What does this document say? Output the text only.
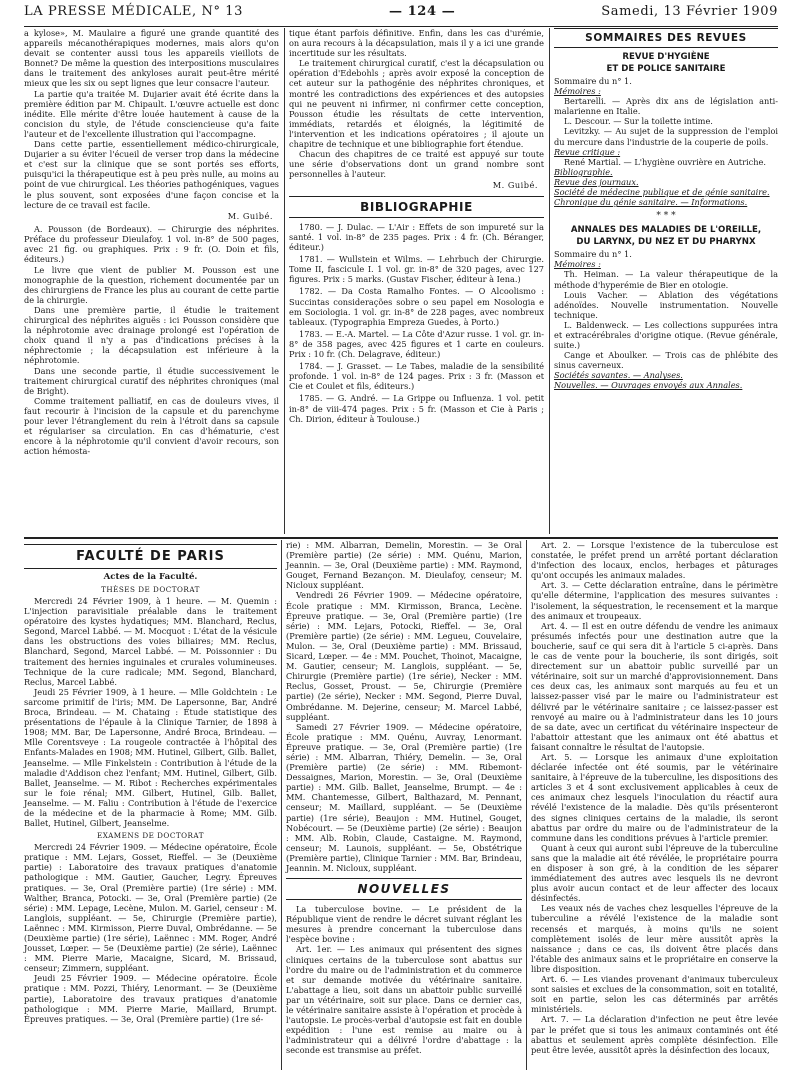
LA PRESSE MÉDICALE, N° 13	— 124 —	Samedi, 13 Février 1909

a kylose», M. Maulaire a figuré une grande quantité des appareils mécanothérapiques modernes, mais alors qu'on devait se contenter aussi tous les appareils vieillots de Bonnet? De même la question des interpositions musculaires dans le traitement des ankyloses aurait peut-être mérité mieux que les six ou sept lignes que leur consacre l'auteur.

La partie qu'a traitée M. Dujarier avait été écrite dans la première édition par M. Chipault. L'œuvre actuelle est donc inédite. Elle mérite d'être louée hautement à cause de la concision du style, de l'étude consciencieuse qu'a faite l'auteur et de l'excellente illustration qui l'accompagne.

Dans cette partie, essentiellement médico-chirurgicale, Dujarier a su éviter l'écueil de verser trop dans la médecine et c'est sur la clinique que se sont portés ses efforts, puisqu'ici la thérapeutique est à peu près nulle, au moins au point de vue chirurgical. Les théories pathogéniques, vagues le plus souvent, sont exposées d'une façon concise et la lecture de ce travail est facile.

M. Guibé.

A. Pousson (de Bordeaux). — Chirurgie des néphrites. Préface du professeur Dieulafoy. 1 vol. in-8° de 500 pages, avec 21 fig. ou graphiques. Prix : 9 fr. (O. Doin et fils, éditeurs.)

Le livre que vient de publier M. Pousson est une monographie de la question, richement documentée par un des chirurgiens de France les plus au courant de cette partie de la chirurgie.

Dans une première partie, il étudie le traitement chirurgical des néphrites aiguës : ici Pousson considère que la néphrotomie avec drainage prolongé est l'opération de choix quand il n'y a pas d'indications précises à la néphrectomie ; la décapsulation est inférieure à la néphrotomie.

Dans une seconde partie, il étudie successivement le traitement chirurgical curatif des néphrites chroniques (mal de Bright).

Comme traitement palliatif, en cas de douleurs vives, il faut recourir à l'incision de la capsule et du parenchyme pour lever l'étranglement du rein à l'étroit dans sa capsule et régulariser sa circulation. En cas d'hématurie, c'est encore à la néphrotomie qu'il convient d'avoir recours, son action hémosta-

tique étant parfois définitive. Enfin, dans les cas d'urémie, on aura recours à la décapsulation, mais il y a ici une grande incertitude sur les résultats.

Le traitement chirurgical curatif, c'est la décapsulation ou opération d'Edebohls ; après avoir exposé la conception de cet auteur sur la pathogénie des néphrites chroniques, et montré les contradictions des expériences et des autopsies qui ne peuvent ni infirmer, ni confirmer cette conception, Pousson étudie les résultats de cette intervention, immédiats, retardés et éloignés, la légitimité de l'intervention et les indications opératoires ; il ajoute un chapitre de technique et une bibliographie fort étendue.

Chacun des chapitres de ce traité est appuyé sur toute une série d'observations dont un grand nombre sont personnelles à l'auteur.

M. Guibé.
BIBLIOGRAPHIE

1780. — J. Dulac. — L'Air : Effets de son impureté sur la santé. 1 vol. in-8° de 235 pages. Prix : 4 fr. (Ch. Béranger, éditeur.)

1781. — Wullstein et Wilms. — Lehrbuch der Chirurgie. Tome II, fascicule I. 1 vol. gr. in-8° de 320 pages, avec 127 figures. Prix : 5 marks. (Gustav Fischer, éditeur à Iena.)

1782. — Da Costa Ramalho Fontes. — O Alcoolismo : Succintas considerações sobre o seu papel em Nosologia e em Sociologia. 1 vol. gr. in-8° de 228 pages, avec nombreux tableaux. (Typographia Empreza Guedes, à Porto.)

1783. — E.-A. Martel. — La Côte d'Azur russe. 1 vol. gr. in-8° de 358 pages, avec 425 figures et 1 carte en couleurs. Prix : 10 fr. (Ch. Delagrave, éditeur.)

1784. — J. Grasset. — Le Tabes, maladie de la sensibilité profonde. 1 vol. in-8° de 124 pages. Prix : 3 fr. (Masson et Cie et Coulet et fils, éditeurs.)

1785. — G. André. — La Grippe ou Influenza. 1 vol. petit in-8° de viii-474 pages. Prix : 5 fr. (Masson et Cie à Paris ; Ch. Dirion, éditeur à Toulouse.)

SOMMAIRES DES REVUES
REVUE D'HYGIÈNE
ET DE POLICE SANITAIRE

Sommaire du n° 1.

Mémoires :

Bertarelli. — Après dix ans de législation anti-malarienne en Italie.

L. Descour. — Sur la toilette intime.

Levitzky. — Au sujet de la suppression de l'emploi du mercure dans l'industrie de la couperie de poils.

Revue critique :

René Martial. — L'hygiène ouvrière en Autriche.

Bibliographie.

Revue des journaux.

Société de médecine publique et de génie sanitaire.

Chronique du génie sanitaire. — Informations.

* * *
ANNALES DES MALADIES DE L'OREILLE,
DU LARYNX, DU NEZ ET DU PHARYNX

Sommaire du n° 1.

Mémoires :

Th. Heiman. — La valeur thérapeutique de la méthode d'hyperémie de Bier en otologie.

Louis Vacher. — Ablation des végétations adénoïdes. Nouvelle instrumentation. Nouvelle technique.

L. Baldenweck. — Les collections suppurées intra et extracérébrales d'origine otique. (Revue générale, suite.)

Cange et Aboulker. — Trois cas de phlébite des sinus caverneux.

Sociétés savantes. — Analyses.

Nouvelles. — Ouvrages envoyés aux Annales.

FACULTÉ DE PARIS
Actes de la Faculté.
THÈSES DE DOCTORAT

Mercredi 24 Février 1909, à 1 heure. — M. Quemin : L'injection paravisitiale préalable dans le traitement opératoire des kystes hydatiques; MM. Blanchard, Reclus, Segond, Marcel Labbé. — M. Mocquot : L'état de la vésicule dans les obstructions des voies biliaires; MM. Reclus, Blanchard, Segond, Marcel Labbé. — M. Poissonnier : Du traitement des hernies inguinales et crurales volumineuses. Technique de la cure radicale; MM. Segond, Blanchard, Reclus, Marcel Labbé.

Jeudi 25 Février 1909, à 1 heure. — Mlle Goldchtein : Le sarcome primitif de l'iris; MM. De Lapersonne, Bar, André Broca, Brindeau. — M. Chataing : Étude statistique des présentations de l'épaule à la Clinique Tarnier, de 1898 à 1908; MM. Bar, De Lapersonne, André Broca, Brindeau. — Mlle Corentsveye : La rougeole contractée à l'hôpital des Enfants-Malades en 1908; MM. Hutinel, Gilbert, Gilb. Ballet, Jeanselme. — Mlle Finkelstein : Contribution à l'étude de la maladie d'Addison chez l'enfant; MM. Hutinel, Gilbert, Gilb. Ballet, Jeanselme. — M. Ribot : Recherches expérimentales sur le foie rénal; MM. Gilbert, Hutinel, Gilb. Ballet, Jeanselme. — M. Faliu : Contribution à l'étude de l'exercice de la médecine et de la pharmacie à Rome; MM. Gilb. Ballet, Hutinel, Gilbert, Jeanselme.

EXAMENS DE DOCTORAT

Mercredi 24 Février 1909. — Médecine opératoire, École pratique : MM. Lejars, Gosset, Rieffel. — 3e (Deuxième partie) : Laboratoire des travaux pratiques d'anatomie pathologique : MM. Gautier, Gaucher, Legry. Épreuves pratiques. — 3e, Oral (Première partie) (1re série) : MM. Walther, Branca, Potocki. — 3e, Oral (Première partie) (2e série) : MM. Lepage, Lecène, Mulon. M. Gariel, censeur : M. Langlois, suppléant. — 5e, Chirurgie (Première partie), Laënnec : MM. Kirmisson, Pierre Duval, Ombrédanne. — 5e (Deuxième partie) (1re série), Laënnec : MM. Roger, André Jousset, Lœper. — 5e (Deuxième partie) (2e série), Laënnec : MM. Pierre Marie, Macaigne, Sicard, M. Brissaud, censeur; Zimmern, suppléant.

Jeudi 25 Février 1909. — Médecine opératoire. École pratique : MM. Pozzi, Thiéry, Lenormant. — 3e (Deuxième partie), Laboratoire des travaux pratiques d'anatomie pathologique : MM. Pierre Marie, Maillard, Brumpt. Épreuves pratiques. — 3e, Oral (Première partie) (1re sé-

rie) : MM. Albarran, Demelin, Morestin. — 3e Oral (Première partie) (2e série) : MM. Quénu, Marion, Jeannin. — 3e, Oral (Deuxième partie) : MM. Raymond, Gouget, Fernand Bezançon. M. Dieulafoy, censeur; M. Nicloux suppléant.

Vendredi 26 Février 1909. — Médecine opératoire, École pratique : MM. Kirmisson, Branca, Lecène. Épreuve pratique. — 3e, Oral (Première partie) (1re série) : MM. Lejars, Potocki, Rieffel. — 3e, Oral (Première partie) (2e série) : MM. Legueu, Couvelaire, Mulon. — 3e, Oral (Deuxième partie) : MM. Brissaud, Sicard, Lœper. — 4e : MM. Pouchet, Thoinot, Macaigne, M. Gautier, censeur; M. Langlois, suppléant. — 5e, Chirurgie (Première partie) (1re série), Necker : MM. Reclus, Gosset, Proust. — 5e, Chirurgie (Première partie) (2e série), Necker : MM. Segond, Pierre Duval, Ombrédanne. M. Dejerine, censeur; M. Marcel Labbé, suppléant.

Samedi 27 Février 1909. — Médecine opératoire, École pratique : MM. Quénu, Auvray, Lenormant. Épreuve pratique. — 3e, Oral (Première partie) (1re série) : MM. Albarran, Thiéry, Demelin. — 3e, Oral (Première partie) (2e série) : MM. Ribemont-Dessaignes, Marion, Morestin. — 3e, Oral (Deuxième partie) : MM. Gilb. Ballet, Jeanselme, Brumpt. — 4e : MM. Chantemesse, Gilbert, Balthazard, M. Pennant, censeur; M. Maillard, suppléant. — 5e (Deuxième partie) (1re série), Beaujon : MM. Hutinel, Gouget, Nobécourt. — 5e (Deuxième partie) (2e série) : Beaujon : MM. Alb. Robin, Claude, Castaigne. M. Raymond, censeur; M. Launois, suppléant. — 5e, Obstétrique (Première partie), Clinique Tarnier : MM. Bar, Brindeau, Jeannin. M. Nicloux, suppléant.

NOUVELLES

La tuberculose bovine. — Le président de la République vient de rendre le décret suivant réglant les mesures à prendre concernant la tuberculose dans l'espèce bovine :

Art. 1er. — Les animaux qui présentent des signes cliniques certains de la tuberculose sont abattus sur l'ordre du maire ou de l'administration et du commerce et sur demande motivée du vétérinaire sanitaire. L'abattage a lieu, soit dans un abattoir public surveillé par un vétérinaire, soit sur place. Dans ce dernier cas, le vétérinaire sanitaire assiste à l'opération et procède à l'autopsie. Le procès-verbal d'autopsie est fait en double expédition : l'une est remise au maire ou à l'administrateur qui a délivré l'ordre d'abattage : la seconde est transmise au préfet.

Art. 2. — Lorsque l'existence de la tuberculose est constatée, le préfet prend un arrêté portant déclaration d'infection des locaux, enclos, herbages et pâturages qu'ont occupés les animaux malades.

Art. 3. — Cette déclaration entraîne, dans le périmètre qu'elle détermine, l'application des mesures suivantes : l'isolement, la séquestration, le recensement et la marque des animaux et troupeaux.

Art. 4. — Il est en outre défendu de vendre les animaux présumés infectés pour une destination autre que la boucherie, sauf ce qui sera dit à l'article 5 ci-après. Dans le cas de vente pour la boucherie, ils sont dirigés, soit directement sur un abattoir public surveillé par un vétérinaire, soit sur un marché d'approvisionnement. Dans ces deux cas, les animaux sont marqués au feu et un laissez-passer visé par le maire ou l'administrateur est délivré par le vétérinaire sanitaire ; ce laissez-passer est renvoyé au maire ou à l'administrateur dans les 10 jours de sa date, avec un certificat du vétérinaire inspecteur de l'abattoir attestant que les animaux ont été abattus et faisant connaître le résultat de l'autopsie.

Art. 5. — Lorsque les animaux d'une exploitation déclarée infectée ont été soumis, par le vétérinaire sanitaire, à l'épreuve de la tuberculine, les dispositions des articles 3 et 4 sont exclusivement applicables à ceux de ces animaux chez lesquels l'inoculation du réactif aura révélé l'existence de la maladie. Dès qu'ils présenteront des signes cliniques certains de la maladie, ils seront abattus par ordre du maire ou de l'administrateur de la commune dans les conditions prévues à l'article premier.

Quant à ceux qui auront subi l'épreuve de la tuberculine sans que la maladie ait été révélée, le propriétaire pourra en disposer à son gré, à la condition de les séparer immédiatement des autres avec lesquels ils ne devront plus avoir aucun contact et de leur affecter des locaux désinfectés.

Les veaux nés de vaches chez lesquelles l'épreuve de la tuberculine a révélé l'existence de la maladie sont recensés et marqués, à moins qu'ils ne soient complètement isolés de leur mère aussitôt après la naissance ; dans ce cas, ils doivent être placés dans l'étable des animaux sains et le propriétaire en conserve la libre disposition.

Art. 6. — Les viandes provenant d'animaux tuberculeux sont saisies et exclues de la consommation, soit en totalité, soit en partie, selon les cas déterminés par arrêtés ministériels.

Art. 7. — La déclaration d'infection ne peut être levée par le préfet que si tous les animaux contaminés ont été abattus et seulement après complète désinfection. Elle peut être levée, aussitôt après la désinfection des locaux,
